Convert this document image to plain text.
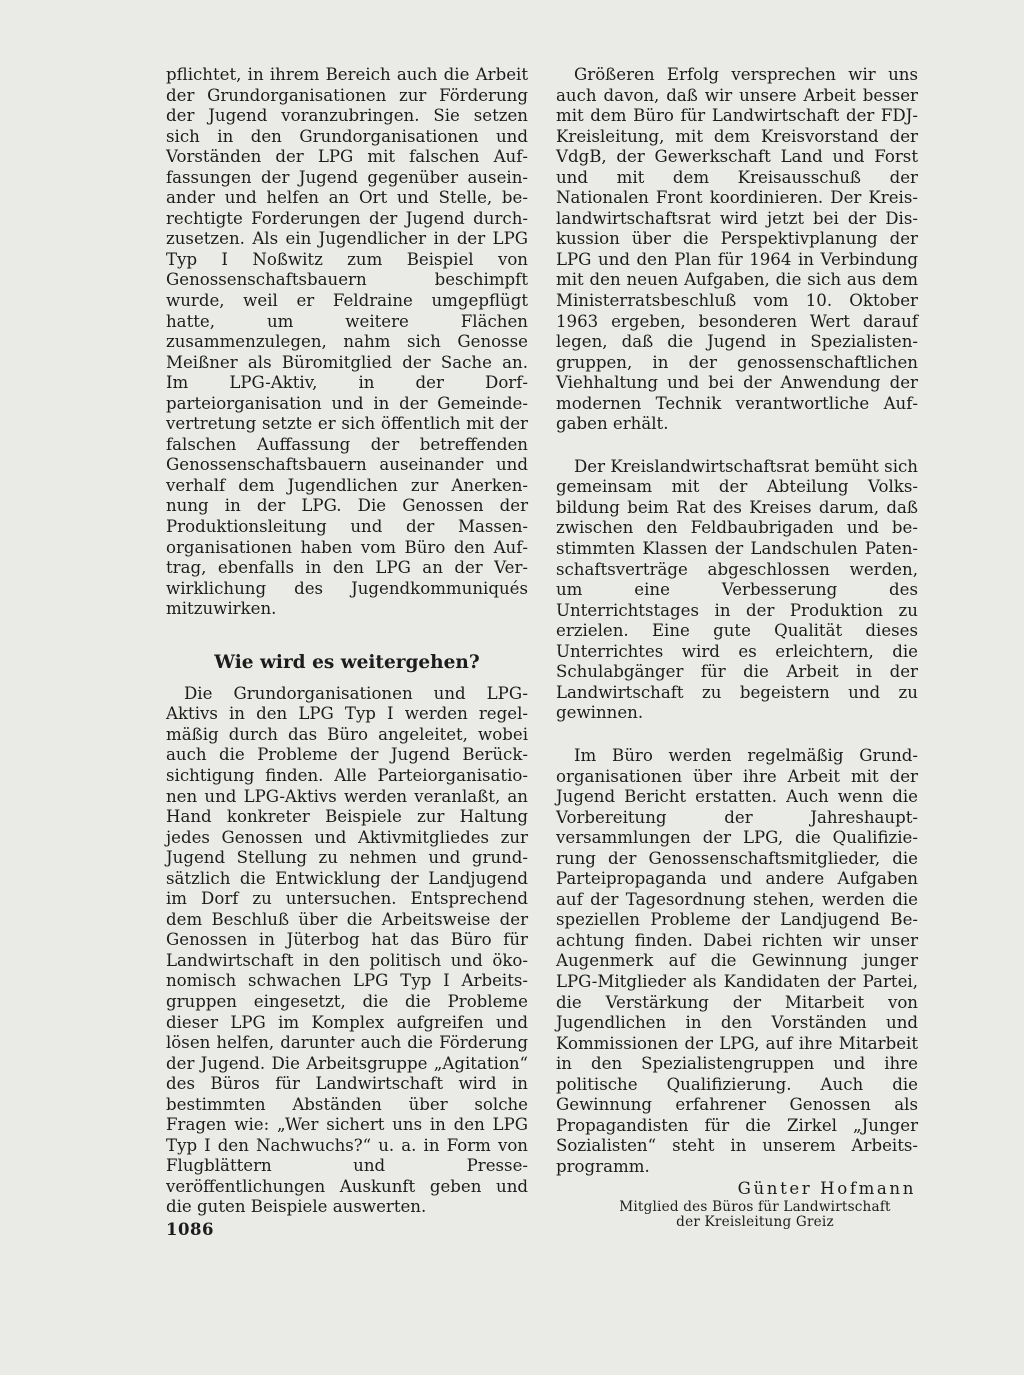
pflichtet, in ihrem Bereich auch die Arbeit der Grundorganisationen zur Förderung der Jugend voranzubringen. Sie setzen sich in den Grundorganisationen und Vorständen der LPG mit falschen Auffassungen der Jugend gegenüber auseinander und helfen an Ort und Stelle, berechtigte Forderungen der Jugend durchzusetzen. Als ein Jugendlicher in der LPG Typ I Noßwitz zum Beispiel von Genossenschaftsbauern beschimpft wurde, weil er Feldraine umgepflügt hatte, um weitere Flächen zusammenzulegen, nahm sich Genosse Meißner als Büromitglied der Sache an. Im LPG-Aktiv, in der Dorfparteiorganisation und in der Gemeindevertretung setzte er sich öffentlich mit der falschen Auffassung der betreffenden Genossenschaftsbauern auseinander und verhalf dem Jugendlichen zur Anerkennung in der LPG. Die Genossen der Produktionsleitung und der Massenorganisationen haben vom Büro den Auftrag, ebenfalls in den LPG an der Verwirklichung des Jugendkommuniqués mitzuwirken.

Wie wird es weitergehen?

Die Grundorganisationen und LPG-Aktivs in den LPG Typ I werden regelmäßig durch das Büro angeleitet, wobei auch die Probleme der Jugend Berücksichtigung finden. Alle Parteiorganisationen und LPG-Aktivs werden veranlaßt, an Hand konkreter Beispiele zur Haltung jedes Genossen und Aktivmitgliedes zur Jugend Stellung zu nehmen und grundsätzlich die Entwicklung der Landjugend im Dorf zu untersuchen. Entsprechend dem Beschluß über die Arbeitsweise der Genossen in Jüterbog hat das Büro für Landwirtschaft in den politisch und ökonomisch schwachen LPG Typ I Arbeitsgruppen eingesetzt, die die Probleme dieser LPG im Komplex aufgreifen und lösen helfen, darunter auch die Förderung der Jugend. Die Arbeitsgruppe „Agitation“ des Büros für Landwirtschaft wird in bestimmten Abständen über solche Fragen wie: „Wer sichert uns in den LPG Typ I den Nachwuchs?“ u. a. in Form von Flugblättern und Presseveröffentlichungen Auskunft geben und die guten Beispiele auswerten.

Größeren Erfolg versprechen wir uns auch davon, daß wir unsere Arbeit besser mit dem Büro für Landwirtschaft der FDJ-Kreisleitung, mit dem Kreisvorstand der VdgB, der Gewerkschaft Land und Forst und mit dem Kreisausschuß der Nationalen Front koordinieren. Der Kreislandwirtschaftsrat wird jetzt bei der Diskussion über die Perspektivplanung der LPG und den Plan für 1964 in Verbindung mit den neuen Aufgaben, die sich aus dem Ministerratsbeschluß vom 10. Oktober 1963 ergeben, besonderen Wert darauf legen, daß die Jugend in Spezialistengruppen, in der genossenschaftlichen Viehhaltung und bei der Anwendung der modernen Technik verantwortliche Aufgaben erhält.

Der Kreislandwirtschaftsrat bemüht sich gemeinsam mit der Abteilung Volksbildung beim Rat des Kreises darum, daß zwischen den Feldbaubrigaden und bestimmten Klassen der Landschulen Patenschaftsverträge abgeschlossen werden, um eine Verbesserung des Unterrichtstages in der Produktion zu erzielen. Eine gute Qualität dieses Unterrichtes wird es erleichtern, die Schulabgänger für die Arbeit in der Landwirtschaft zu begeistern und zu gewinnen.

Im Büro werden regelmäßig Grundorganisationen über ihre Arbeit mit der Jugend Bericht erstatten. Auch wenn die Vorbereitung der Jahreshauptversammlungen der LPG, die Qualifizierung der Genossenschaftsmitglieder, die Parteipropaganda und andere Aufgaben auf der Tagesordnung stehen, werden die speziellen Probleme der Landjugend Beachtung finden. Dabei richten wir unser Augenmerk auf die Gewinnung junger LPG-Mitglieder als Kandidaten der Partei, die Verstärkung der Mitarbeit von Jugendlichen in den Vorständen und Kommissionen der LPG, auf ihre Mitarbeit in den Spezialistengruppen und ihre politische Qualifizierung. Auch die Gewinnung erfahrener Genossen als Propagandisten für die Zirkel „Junger Sozialisten“ steht in unserem Arbeitsprogramm.

Günter Hofmann

Mitglied des Büros für Landwirtschaft

der Kreisleitung Greiz

1086
